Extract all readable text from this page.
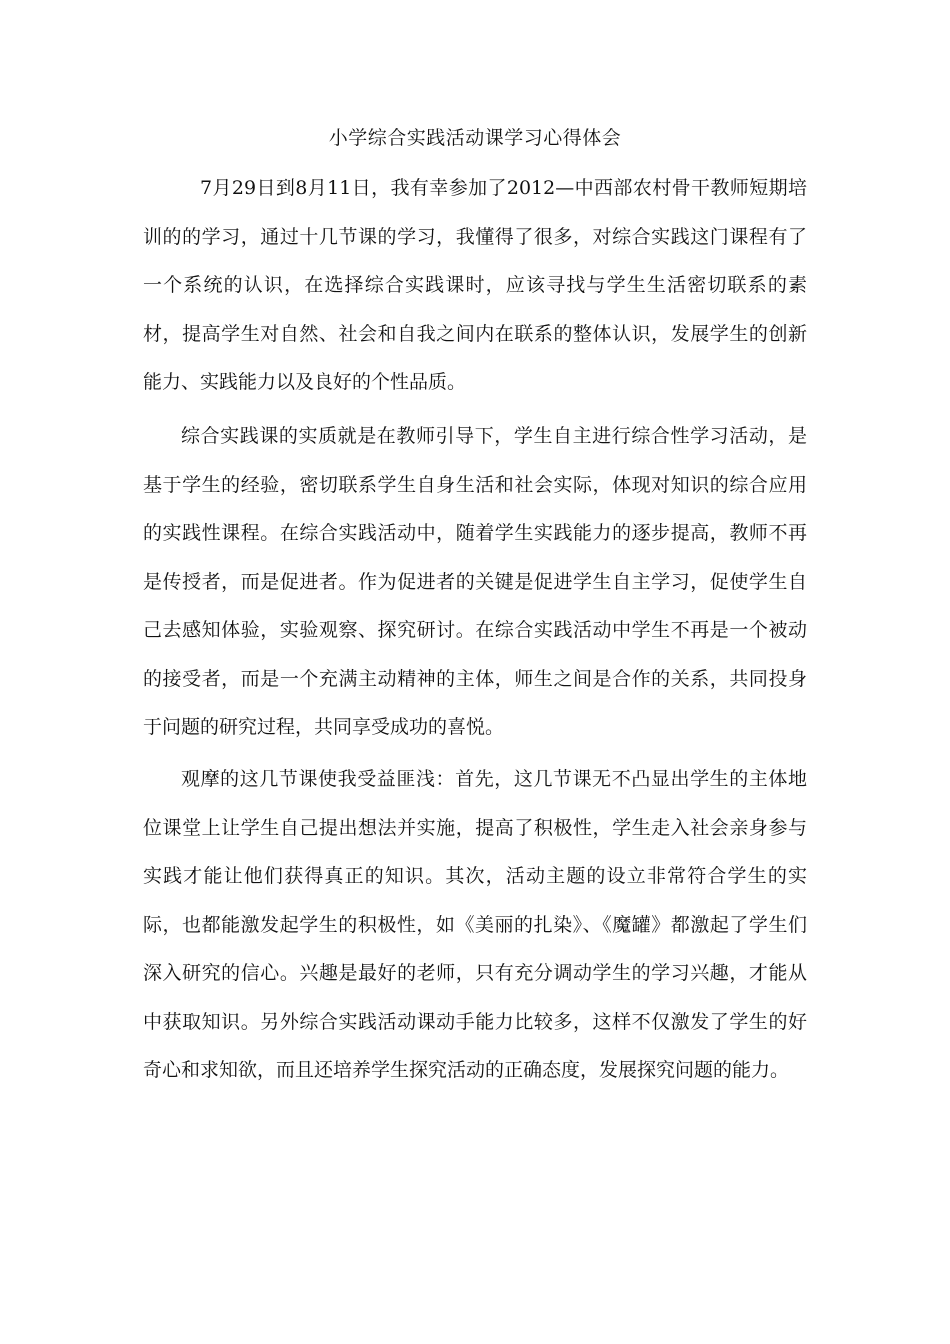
小学综合实践活动课学习心得体会

7月29日到8月11日，我有幸参加了2012—中西部农村骨干教师短期培训的的学习，通过十几节课的学习，我懂得了很多，对综合实践这门课程有了一个系统的认识，在选择综合实践课时，应该寻找与学生生活密切联系的素材，提高学生对自然、社会和自我之间内在联系的整体认识，发展学生的创新能力、实践能力以及良好的个性品质。

综合实践课的实质就是在教师引导下，学生自主进行综合性学习活动，是基于学生的经验，密切联系学生自身生活和社会实际，体现对知识的综合应用的实践性课程。在综合实践活动中，随着学生实践能力的逐步提高，教师不再是传授者，而是促进者。作为促进者的关键是促进学生自主学习，促使学生自己去感知体验，实验观察、探究研讨。在综合实践活动中学生不再是一个被动的接受者，而是一个充满主动精神的主体，师生之间是合作的关系，共同投身于问题的研究过程，共同享受成功的喜悦。

观摩的这几节课使我受益匪浅：首先，这几节课无不凸显出学生的主体地位课堂上让学生自己提出想法并实施，提高了积极性，学生走入社会亲身参与实践才能让他们获得真正的知识。其次，活动主题的设立非常符合学生的实际，也都能激发起学生的积极性，如《美丽的扎染》、《魔罐》都激起了学生们深入研究的信心。兴趣是最好的老师，只有充分调动学生的学习兴趣，才能从中获取知识。另外综合实践活动课动手能力比较多，这样不仅激发了学生的好奇心和求知欲，而且还培养学生探究活动的正确态度，发展探究问题的能力。
